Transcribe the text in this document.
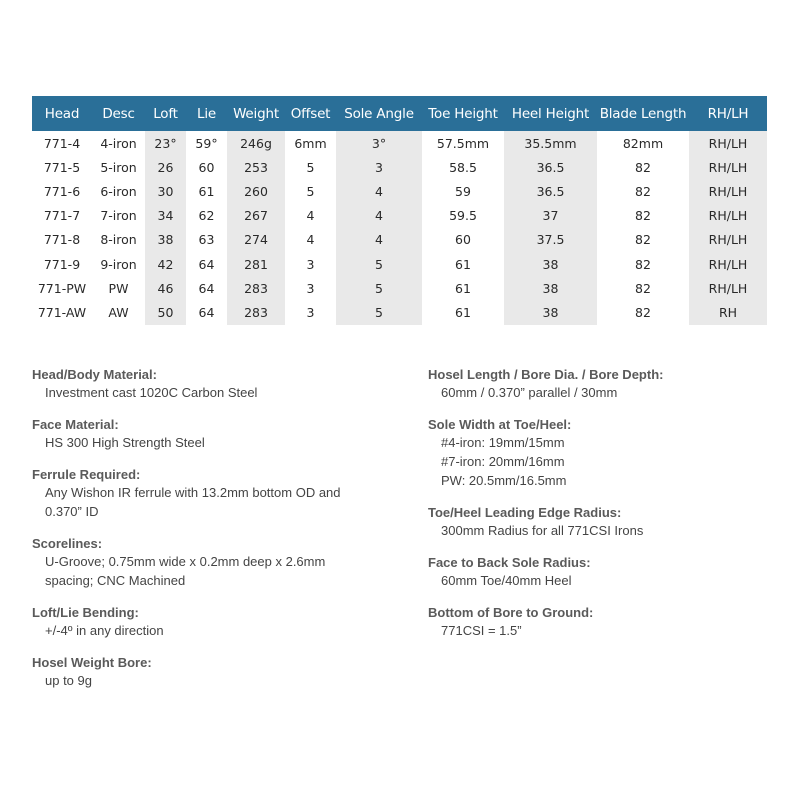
Head	Desc	Loft	Lie	Weight	Offset	Sole Angle	Toe Height	Heel Height	Blade Length	RH/LH
771-4	4-iron	23°	59°	246g	6mm	3°	57.5mm	35.5mm	82mm	RH/LH
771-5	5-iron	26	60	253	5	3	58.5	36.5	82	RH/LH
771-6	6-iron	30	61	260	5	4	59	36.5	82	RH/LH
771-7	7-iron	34	62	267	4	4	59.5	37	82	RH/LH
771-8	8-iron	38	63	274	4	4	60	37.5	82	RH/LH
771-9	9-iron	42	64	281	3	5	61	38	82	RH/LH
771-PW	PW	46	64	283	3	5	61	38	82	RH/LH
771-AW	AW	50	64	283	3	5	61	38	82	RH
Head/Body Material:
Investment cast 1020C Carbon Steel
Face Material:
HS 300 High Strength Steel
Ferrule Required:
Any Wishon IR ferrule with 13.2mm bottom OD and
0.370” ID
Scorelines:
U-Groove; 0.75mm wide x 0.2mm deep x 2.6mm
spacing; CNC Machined
Loft/Lie Bending:
+/-4º in any direction
Hosel Weight Bore:
up to 9g
Hosel Length / Bore Dia. / Bore Depth:
60mm / 0.370” parallel / 30mm
Sole Width at Toe/Heel:
#4-iron: 19mm/15mm
#7-iron: 20mm/16mm
PW: 20.5mm/16.5mm
Toe/Heel Leading Edge Radius:
300mm Radius for all 771CSI Irons
Face to Back Sole Radius:
60mm Toe/40mm Heel
Bottom of Bore to Ground:
771CSI = 1.5”
